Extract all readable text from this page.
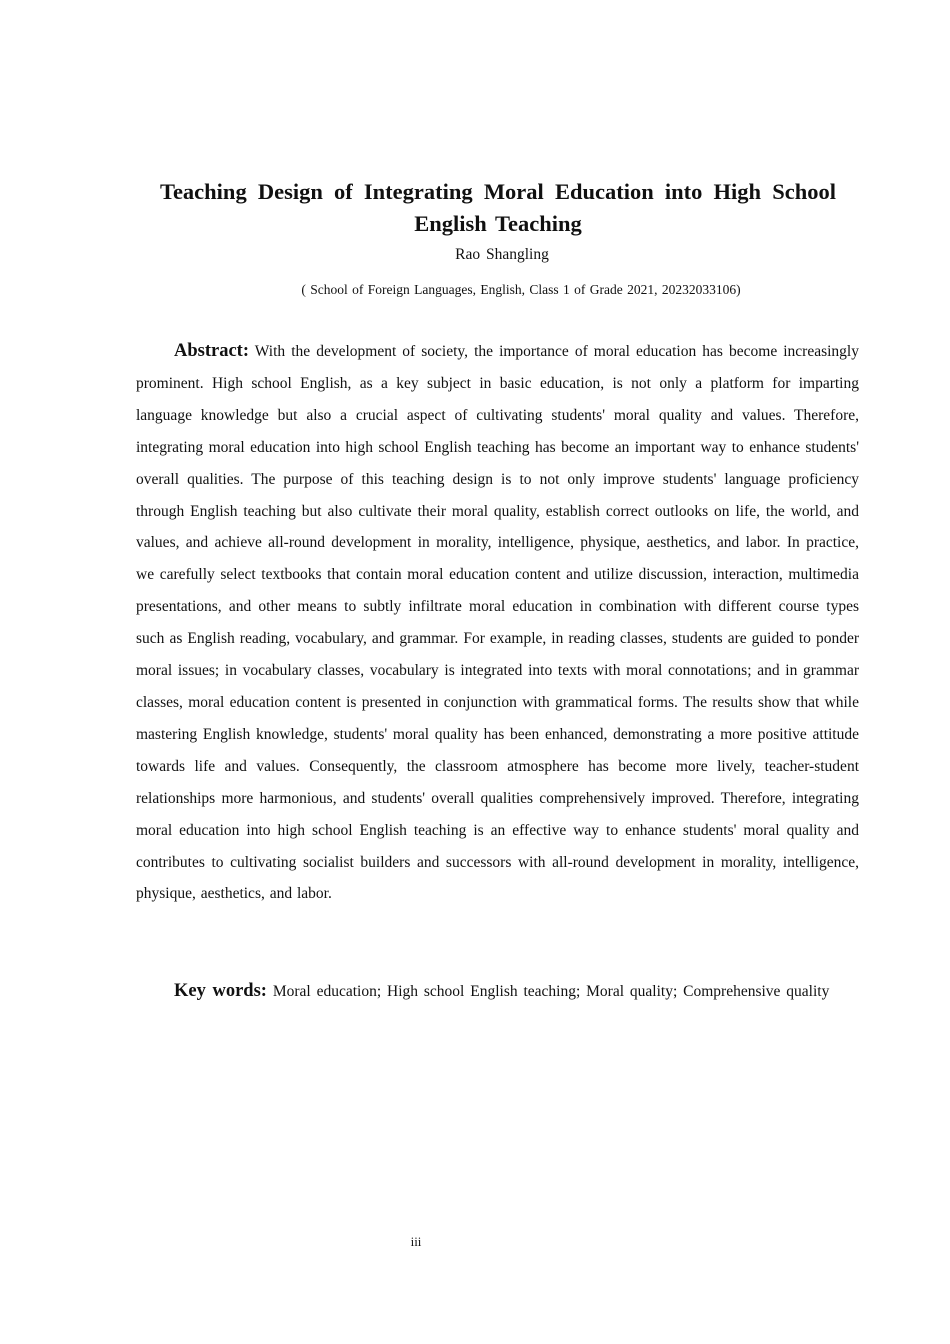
Teaching Design of Integrating Moral Education into High School
English Teaching
Rao Shangling
( School of Foreign Languages, English, Class 1 of Grade 2021, 20232033106)

Abstract: With the development of society, the importance of moral education has become increasingly prominent. High school English, as a key subject in basic education, is not only a platform for imparting language knowledge but also a crucial aspect of cultivating students' moral quality and values. Therefore, integrating moral education into high school English teaching has become an important way to enhance students' overall qualities. The purpose of this teaching design is to not only improve students' language proficiency through English teaching but also cultivate their moral quality, establish correct outlooks on life, the world, and values, and achieve all-round development in morality, intelligence, physique, aesthetics, and labor. In practice, we carefully select textbooks that contain moral education content and utilize discussion, interaction, multimedia presentations, and other means to subtly infiltrate moral education in combination with different course types such as English reading, vocabulary, and grammar. For example, in reading classes, students are guided to ponder moral issues; in vocabulary classes, vocabulary is integrated into texts with moral connotations; and in grammar classes, moral education content is presented in conjunction with grammatical forms. The results show that while mastering English knowledge, students' moral quality has been enhanced, demonstrating a more positive attitude towards life and values. Consequently, the classroom atmosphere has become more lively, teacher-student relationships more harmonious, and students' overall qualities comprehensively improved. Therefore, integrating moral education into high school English teaching is an effective way to enhance students' moral quality and contributes to cultivating socialist builders and successors with all-round development in morality, intelligence, physique, aesthetics, and labor.

Key words: Moral education; High school English teaching; Moral quality; Comprehensive quality

iii
